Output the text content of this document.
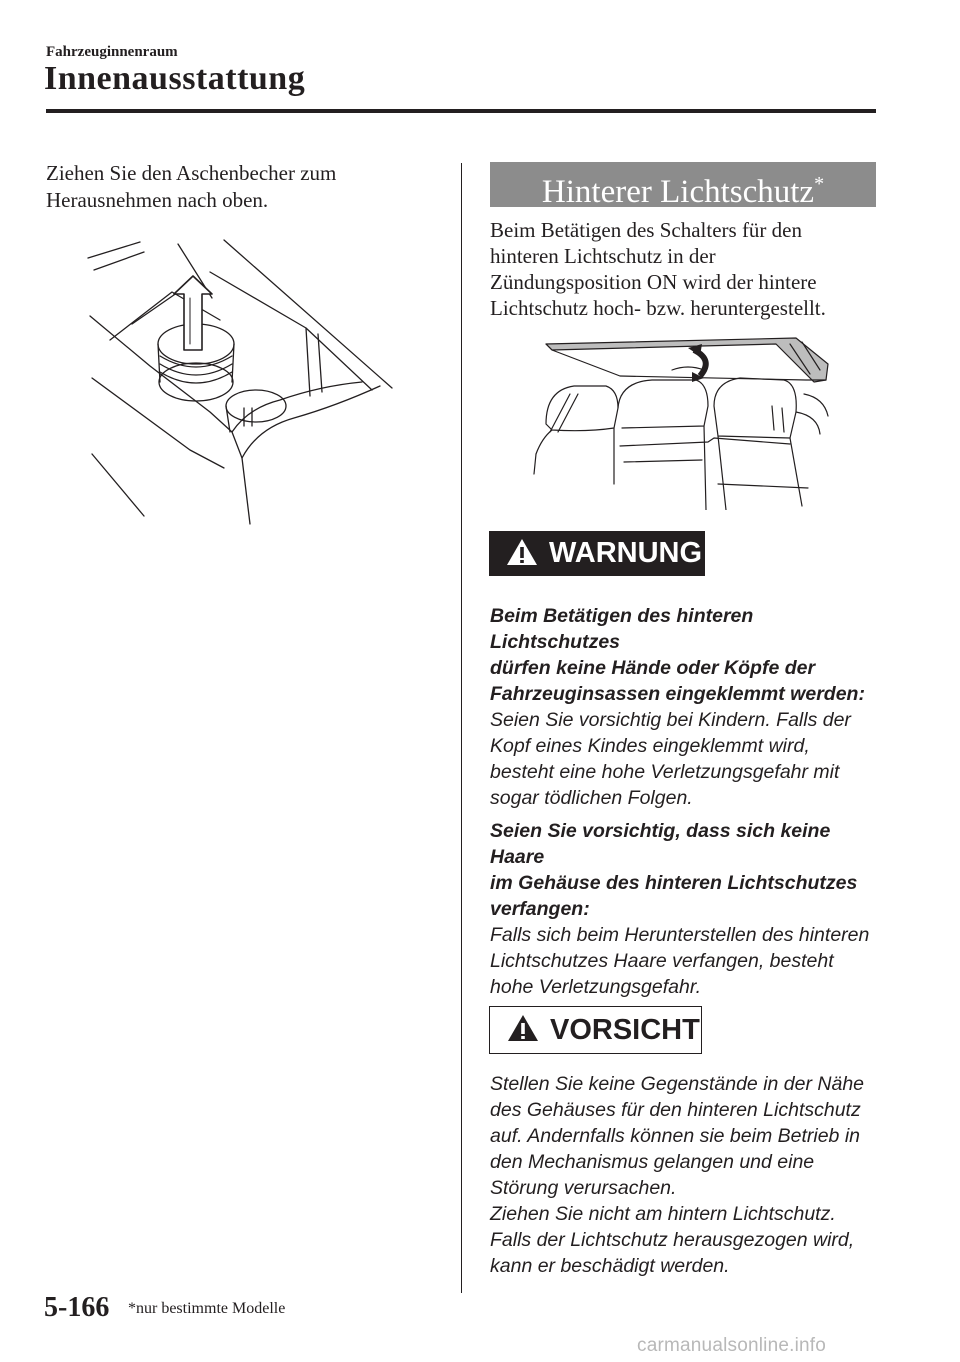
Fahrzeuginnenraum
Innenausstattung
Ziehen Sie den Aschenbecher zum
Herausnehmen nach oben.	Hinterer Lichtschutz*
Beim Betätigen des Schalters für den
hinteren Lichtschutz in der
Zündungsposition ON wird der hintere
Lichtschutz hoch- bzw. heruntergestellt.
WARNUNG
Beim Betätigen des hinteren Lichtschutzes
dürfen keine Hände oder Köpfe der
Fahrzeuginsassen eingeklemmt werden:
Seien Sie vorsichtig bei Kindern. Falls der
Kopf eines Kindes eingeklemmt wird,
besteht eine hohe Verletzungsgefahr mit
sogar tödlichen Folgen.
Seien Sie vorsichtig, dass sich keine Haare
im Gehäuse des hinteren Lichtschutzes
verfangen:
Falls sich beim Herunterstellen des hinteren
Lichtschutzes Haare verfangen, besteht
hohe Verletzungsgefahr.
VORSICHT
Stellen Sie keine Gegenstände in der Nähe
des Gehäuses für den hinteren Lichtschutz
auf. Andernfalls können sie beim Betrieb in
den Mechanismus gelangen und eine
Störung verursachen.
Ziehen Sie nicht am hintern Lichtschutz.
Falls der Lichtschutz herausgezogen wird,
kann er beschädigt werden.
5-166 *nur bestimmte Modelle
carmanualsonline.info
